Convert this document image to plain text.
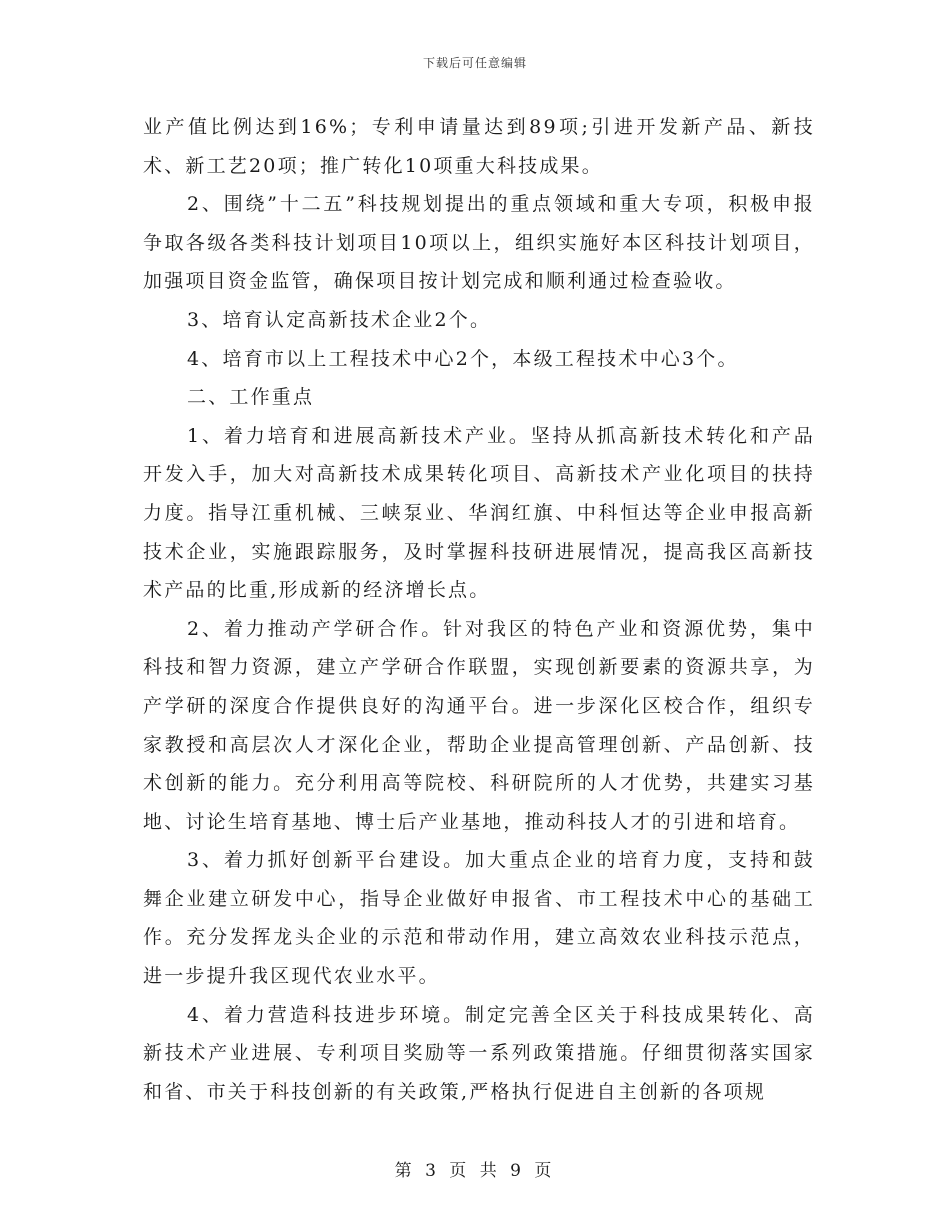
下载后可任意编辑

业产值比例达到16%；专利申请量达到89项;引进开发新产品、新技术、新工艺20项；推广转化10项重大科技成果。

2、围绕”十二五”科技规划提出的重点领域和重大专项，积极申报争取各级各类科技计划项目10项以上，组织实施好本区科技计划项目，加强项目资金监管，确保项目按计划完成和顺利通过检查验收。

3、培育认定高新技术企业2个。

4、培育市以上工程技术中心2个，本级工程技术中心3个。

二、工作重点

1、着力培育和进展高新技术产业。坚持从抓高新技术转化和产品开发入手，加大对高新技术成果转化项目、高新技术产业化项目的扶持力度。指导江重机械、三峡泵业、华润红旗、中科恒达等企业申报高新技术企业，实施跟踪服务，及时掌握科技研进展情况，提高我区高新技术产品的比重,形成新的经济增长点。

2、着力推动产学研合作。针对我区的特色产业和资源优势，集中科技和智力资源，建立产学研合作联盟，实现创新要素的资源共享，为产学研的深度合作提供良好的沟通平台。进一步深化区校合作，组织专家教授和高层次人才深化企业，帮助企业提高管理创新、产品创新、技术创新的能力。充分利用高等院校、科研院所的人才优势，共建实习基地、讨论生培育基地、博士后产业基地，推动科技人才的引进和培育。

3、着力抓好创新平台建设。加大重点企业的培育力度，支持和鼓舞企业建立研发中心，指导企业做好申报省、市工程技术中心的基础工作。充分发挥龙头企业的示范和带动作用，建立高效农业科技示范点，进一步提升我区现代农业水平。

4、着力营造科技进步环境。制定完善全区关于科技成果转化、高新技术产业进展、专利项目奖励等一系列政策措施。仔细贯彻落实国家和省、市关于科技创新的有关政策,严格执行促进自主创新的各项规

第 3 页 共 9 页
